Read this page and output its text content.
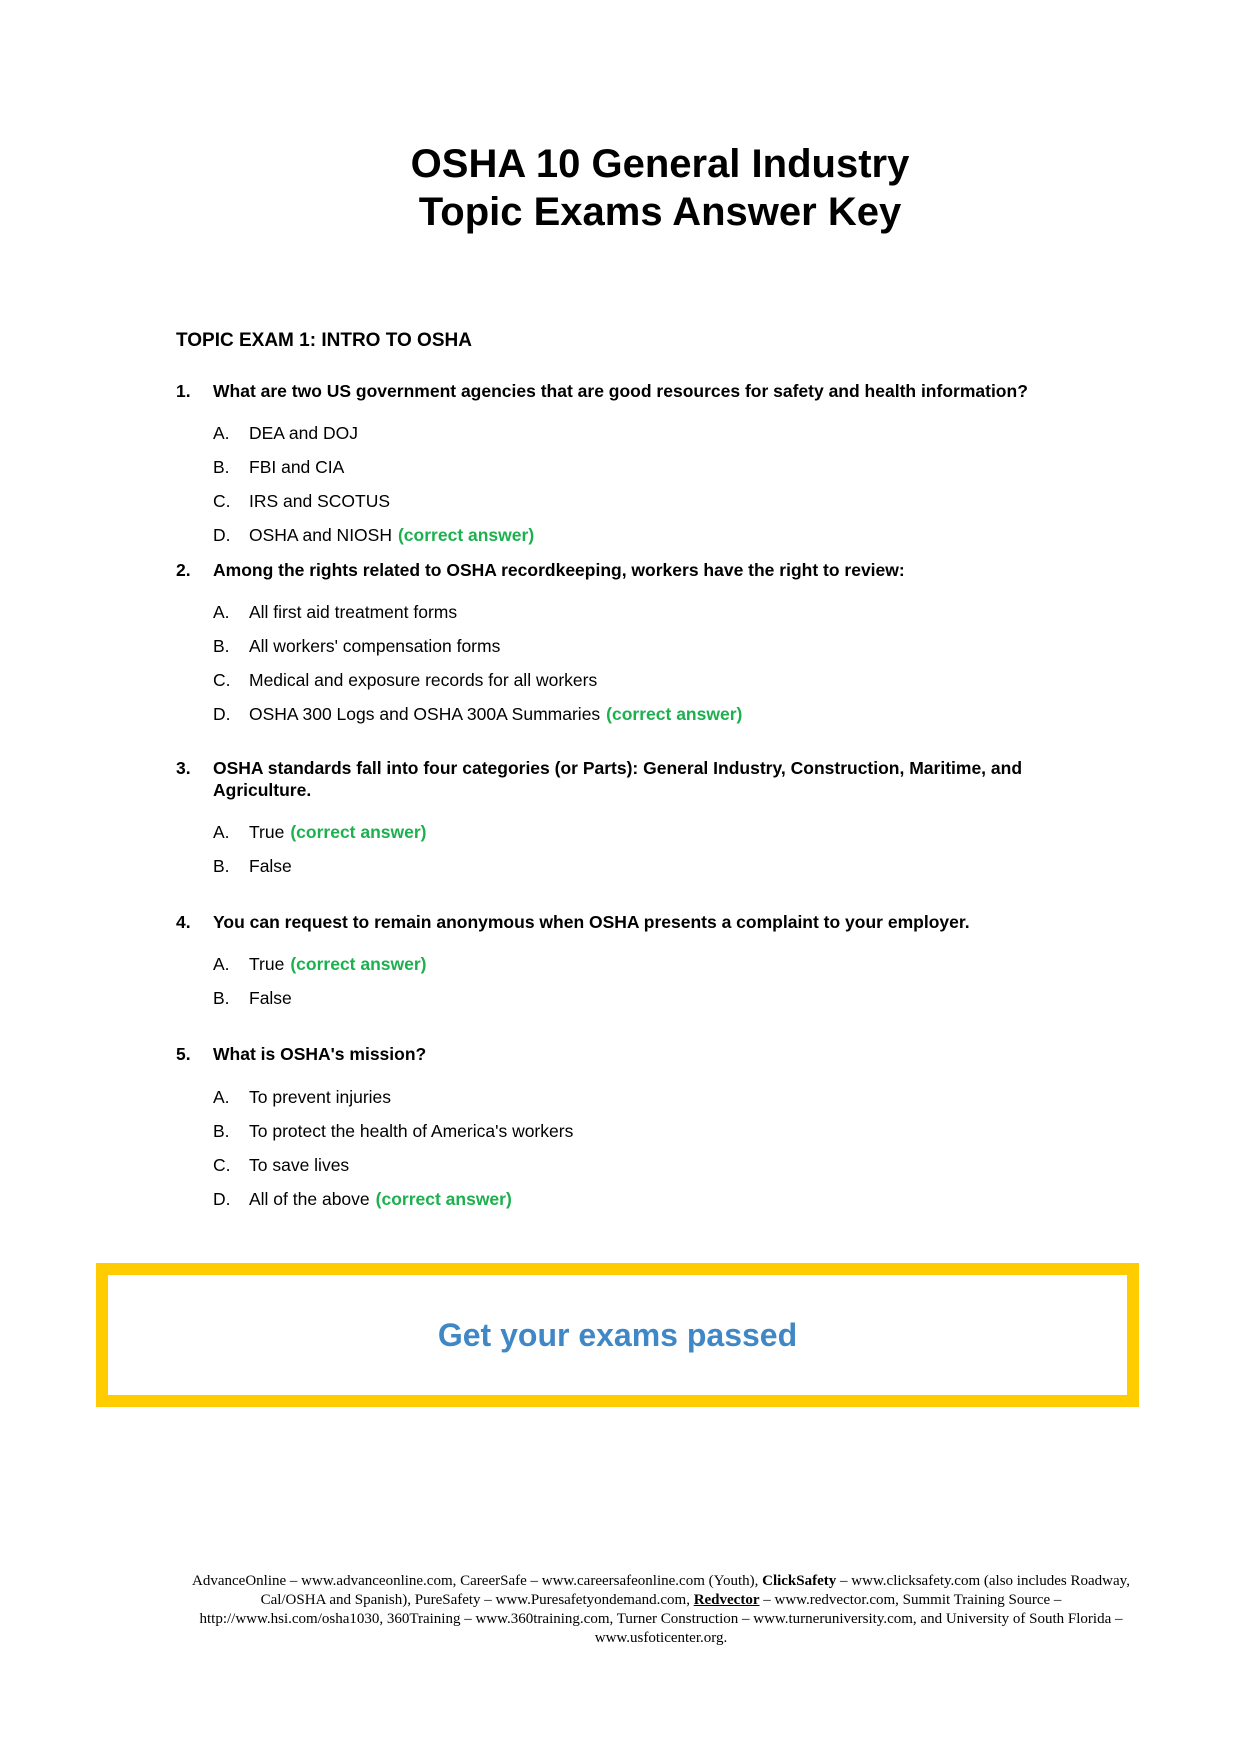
OSHA 10 General Industry
Topic Exams Answer Key
TOPIC EXAM 1: INTRO TO OSHA
1.	What are two US government agencies that are good resources for safety and health information?
A.	DEA and DOJ
B.	FBI and CIA
C.	IRS and SCOTUS
D.	OSHA and NIOSH (correct answer)
2.	Among the rights related to OSHA recordkeeping, workers have the right to review:
A.	All first aid treatment forms
B.	All workers' compensation forms
C.	Medical and exposure records for all workers
D.	OSHA 300 Logs and OSHA 300A Summaries (correct answer)
3.	OSHA standards fall into four categories (or Parts): General Industry, Construction, Maritime, and Agriculture.
A.	True (correct answer)
B.	False
4.	You can request to remain anonymous when OSHA presents a complaint to your employer.
A.	True (correct answer)
B.	False
5.	What is OSHA's mission?
A.	To prevent injuries
B.	To protect the health of America's workers
C.	To save lives
D.	All of the above (correct answer)
Get your exams passed
AdvanceOnline – www.advanceonline.com, CareerSafe – www.careersafeonline.com (Youth), ClickSafety – www.clicksafety.com (also includes Roadway, Cal/OSHA and Spanish), PureSafety – www.Puresafetyondemand.com, Redvector – www.redvector.com, Summit Training Source – http://www.hsi.com/osha1030, 360Training – www.360training.com, Turner Construction – www.turneruniversity.com, and University of South Florida – www.usfoticenter.org.
